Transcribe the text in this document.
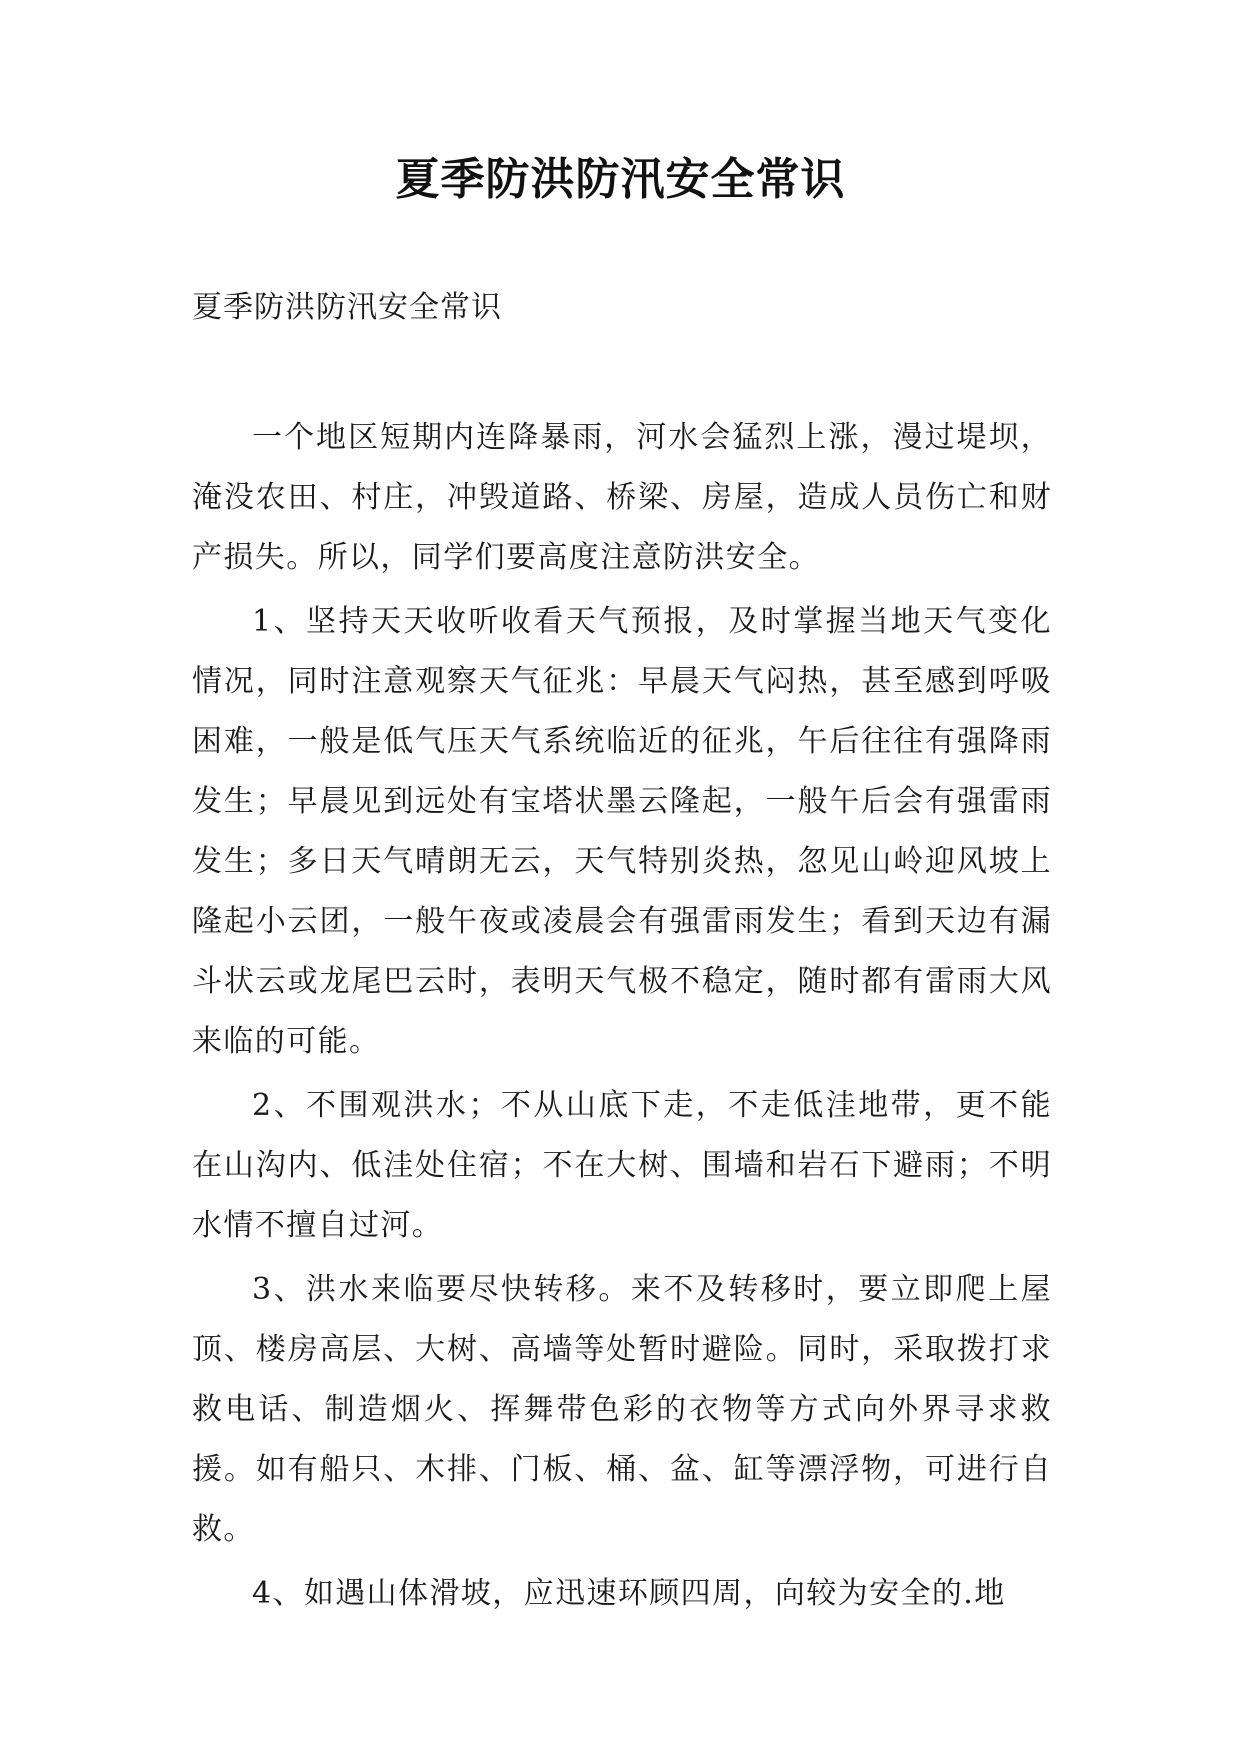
夏季防洪防汛安全常识

夏季防洪防汛安全常识

一个地区短期内连降暴雨，河水会猛烈上涨，漫过堤坝，淹没农田、村庄，冲毁道路、桥梁、房屋，造成人员伤亡和财产损失。所以，同学们要高度注意防洪安全。

1、坚持天天收听收看天气预报，及时掌握当地天气变化情况，同时注意观察天气征兆：早晨天气闷热，甚至感到呼吸困难，一般是低气压天气系统临近的征兆，午后往往有强降雨发生；早晨见到远处有宝塔状墨云隆起，一般午后会有强雷雨发生；多日天气晴朗无云，天气特别炎热，忽见山岭迎风坡上隆起小云团，一般午夜或凌晨会有强雷雨发生；看到天边有漏斗状云或龙尾巴云时，表明天气极不稳定，随时都有雷雨大风来临的可能。

2、不围观洪水；不从山底下走，不走低洼地带，更不能在山沟内、低洼处住宿；不在大树、围墙和岩石下避雨；不明水情不擅自过河。

3、洪水来临要尽快转移。来不及转移时，要立即爬上屋顶、楼房高层、大树、高墙等处暂时避险。同时，采取拨打求救电话、制造烟火、挥舞带色彩的衣物等方式向外界寻求救援。如有船只、木排、门板、桶、盆、缸等漂浮物，可进行自救。

4、如遇山体滑坡，应迅速环顾四周，向较为安全的.地
